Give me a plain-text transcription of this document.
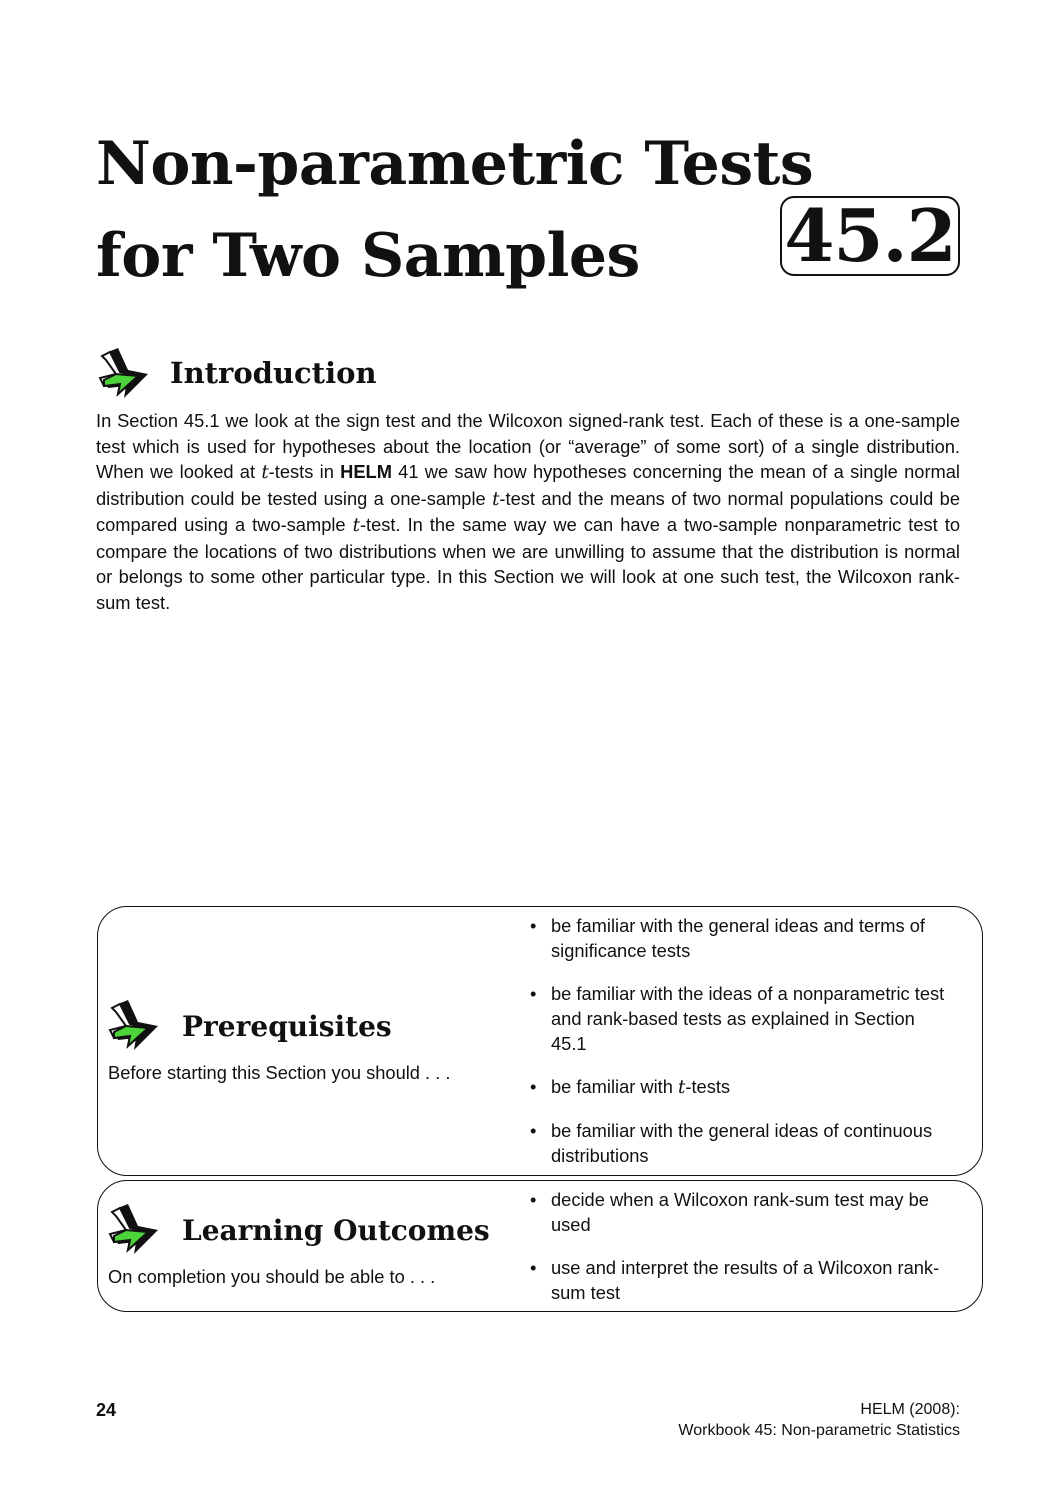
Non-parametric Tests
for Two Samples	45.2
Introduction

In Section 45.1 we look at the sign test and the Wilcoxon signed-rank test. Each of these is a one-sample test which is used for hypotheses about the location (or “average” of some sort) of a single distribution. When we looked at t-tests in HELM 41 we saw how hypotheses concerning the mean of a single normal distribution could be tested using a one-sample t-test and the means of two normal populations could be compared using a two-sample t-test. In the same way we can have a two-sample nonparametric test to compare the locations of two distributions when we are unwilling to assume that the distribution is normal or belongs to some other particular type. In this Section we will look at one such test, the Wilcoxon rank-sum test.

Prerequisites
Before starting this Section you should . . .
• be familiar with the general ideas and terms of significance tests
• be familiar with the ideas of a nonparametric test and rank-based tests as explained in Section 45.1
• be familiar with t-tests
• be familiar with the general ideas of continuous distributions
Learning Outcomes
On completion you should be able to . . .
• decide when a Wilcoxon rank-sum test may be used
• use and interpret the results of a Wilcoxon rank-sum test
24	HELM (2008):
Workbook 45: Non-parametric Statistics
